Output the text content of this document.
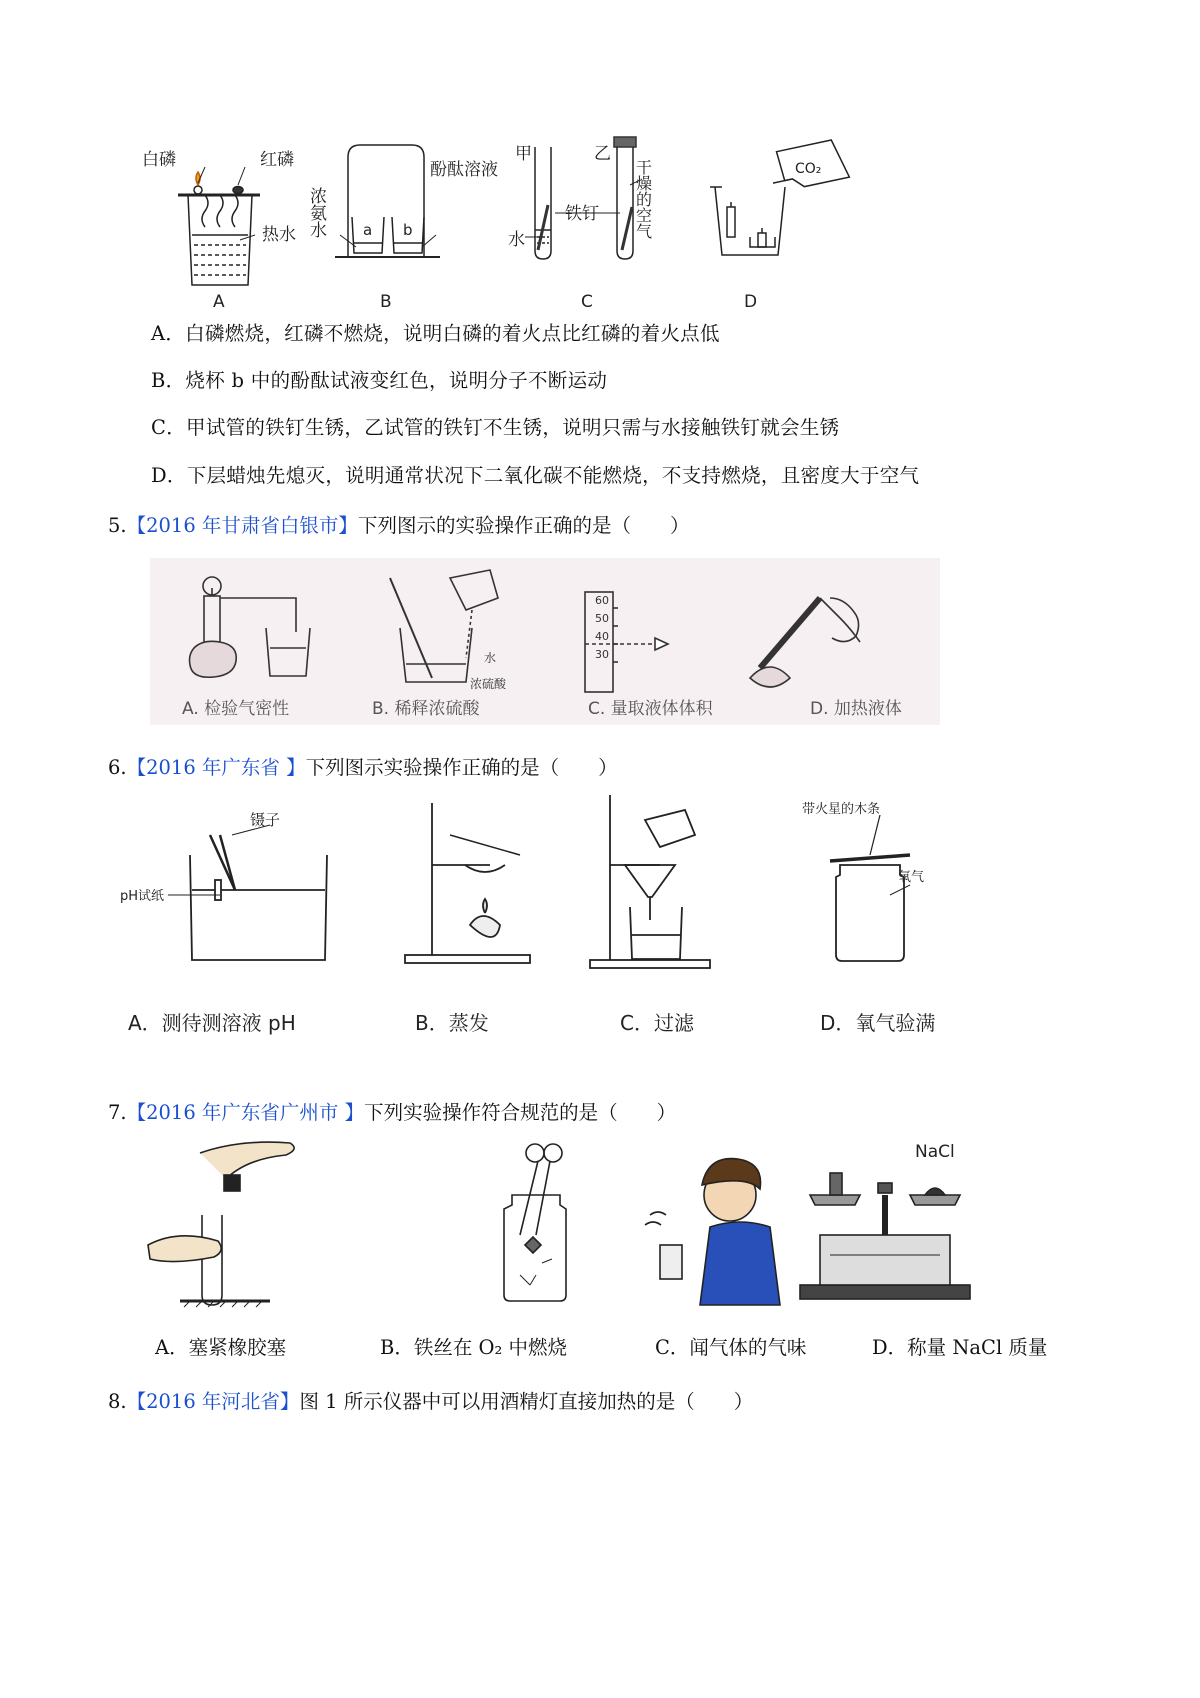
白磷	红磷
热水
A
浓氨水
酚酞溶液
a b
B
甲	乙
干燥的空气
铁钉
水
C
CO₂
D
A．白磷燃烧，红磷不燃烧，说明白磷的着火点比红磷的着火点低
B．烧杯 b 中的酚酞试液变红色，说明分子不断运动
C．甲试管的铁钉生锈，乙试管的铁钉不生锈，说明只需与水接触铁钉就会生锈
D．下层蜡烛先熄灭，说明通常状况下二氧化碳不能燃烧，不支持燃烧，且密度大于空气
5.【2016 年甘肃省白银市】下列图示的实验操作正确的是（　　）
60
50
40
30
水
浓硫酸
A. 检验气密性	B. 稀释浓硫酸	C. 量取液体体积	D. 加热液体
6.【2016 年广东省 】下列图示实验操作正确的是（　　）
镊子
pH试纸
带火星的木条
氧气
A．测待测溶液 pH	B．蒸发	C．过滤	D．氧气验满
7.【2016 年广东省广州市 】下列实验操作符合规范的是（　　）
NaCl
A．塞紧橡胶塞	B．铁丝在 O₂ 中燃烧	C．闻气体的气味	D．称量 NaCl 质量
8.【2016 年河北省】图 1 所示仪器中可以用酒精灯直接加热的是（　　）
